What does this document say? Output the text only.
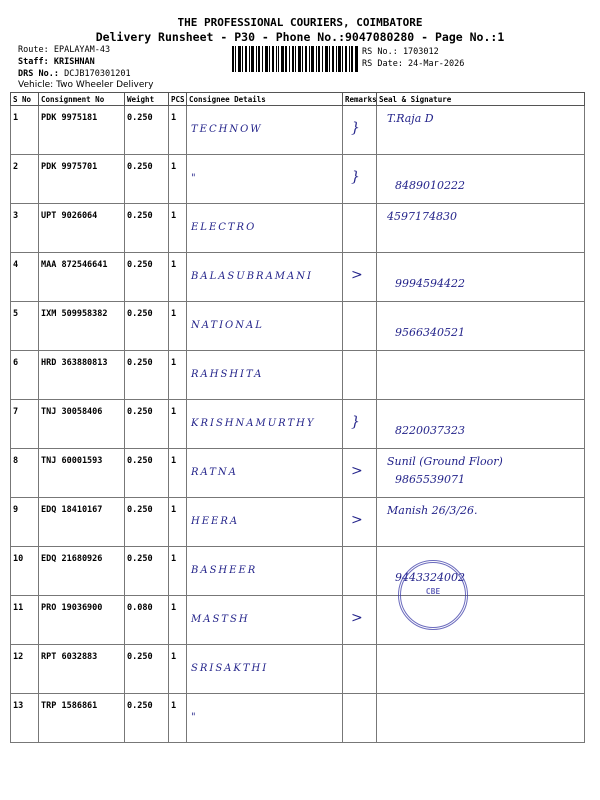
THE PROFESSIONAL COURIERS, COIMBATORE
Delivery Runsheet - P30 - Phone No.:9047080280 - Page No.:1
Route: EPALAYAM-43
Staff: KRISHNAN
DRS No.: DCJB170301201
RS No.: 1703012
RS Date: 24-Mar-2026
Vehicle: Two Wheeler Delivery
S No	Consignment No	Weight	PCS	Consignee Details	Remarks	Seal & Signature
1	PDK 9975181	0.250	1	TECHNOW	}	T.Raja D

2	PDK 9975701	0.250	1	"	}	8489010222

3	UPT 9026064	0.250	1	ELECTRO		4597174830

4	MAA 872546641	0.250	1	BALASUBRAMANI	>	9994594422

5	IXM 509958382	0.250	1	NATIONAL		9566340521

6	HRD 363880813	0.250	1	RAHSHITA		

7	TNJ 30058406	0.250	1	KRISHNAMURTHY	}	8220037323

8	TNJ 60001593	0.250	1	RATNA	>	Sunil (Ground Floor)
9865539071

9	EDQ 18410167	0.250	1	HEERA	>	Manish 26/3/26.

10	EDQ 21680926	0.250	1	BASHEER		9443324002

11	PRO 19036900	0.080	1	MASTSH	>	

12	RPT 6032883	0.250	1	SRISAKTHI		

13	TRP 1586861	0.250	1	"		

CBE
